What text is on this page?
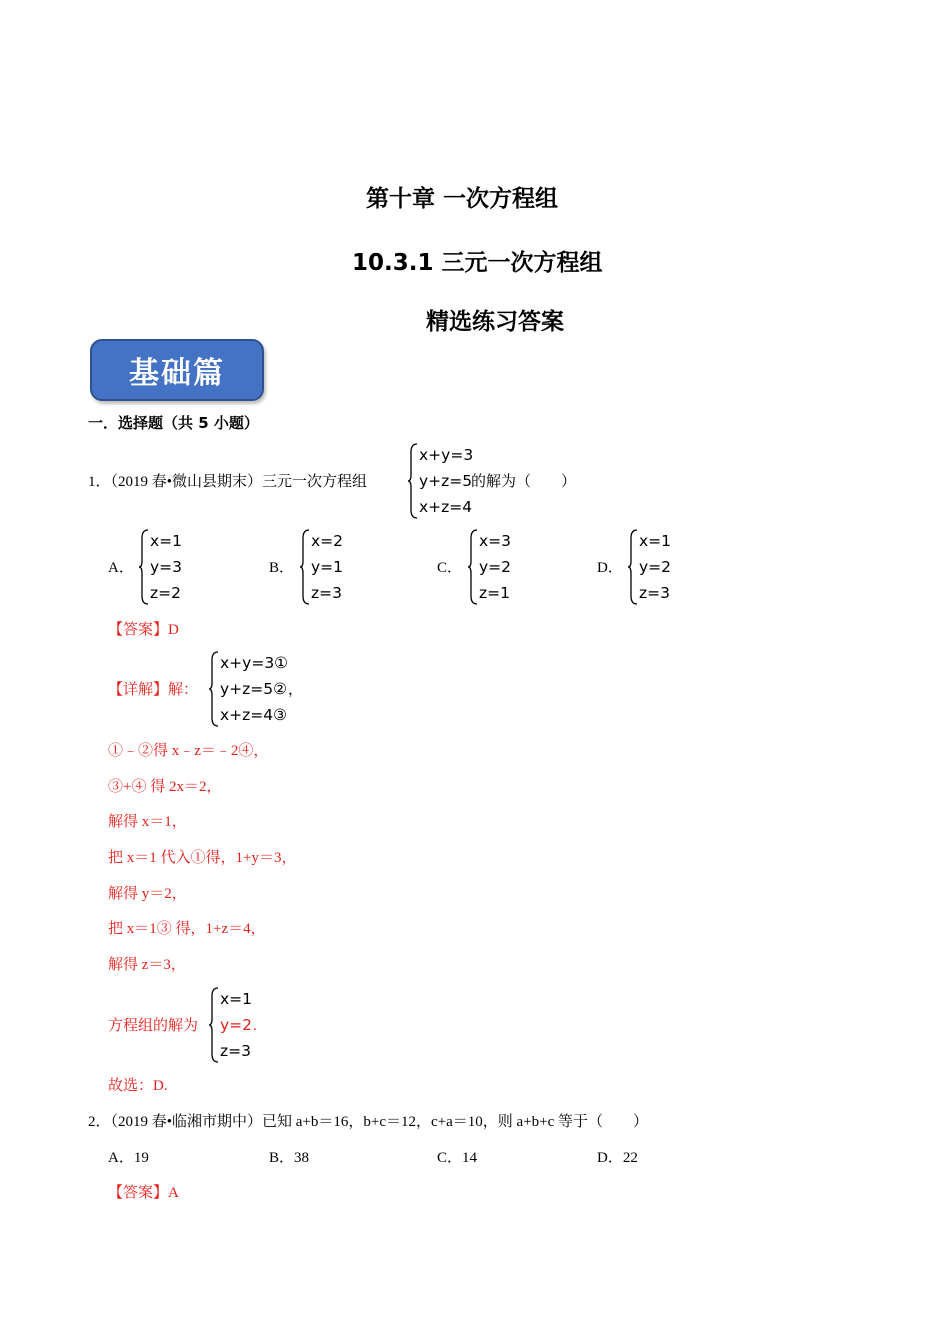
第十章 一次方程组
10.3.1 三元一次方程组
精选练习答案
基础篇
一．选择题（共 5 小题）
1．（2019 春•微山县期末）三元一次方程组
x+y=3
y+z=5
x+z=4
的解为（　　）
A．
x=1
y=3
z=2
B．
x=2
y=1
z=3
C．
x=3
y=2
z=1
D．
x=1
y=2
z=3
【答案】D
【详解】解：
x+y=3①
y+z=5②
x+z=4③
，
①﹣②得 x﹣z＝﹣2④，
③+④ 得 2x＝2，
解得 x＝1，
把 x＝1 代入①得，1+y＝3，
解得 y＝2，
把 x＝1③ 得，1+z＝4，
解得 z＝3，
方程组的解为
x=1
y=2
z=3
.
故选：D.
2．（2019 春•临湘市期中）已知 a+b＝16，b+c＝12，c+a＝10，则 a+b+c 等于（　　）
A．19	B．38	C．14	D．22
【答案】A
